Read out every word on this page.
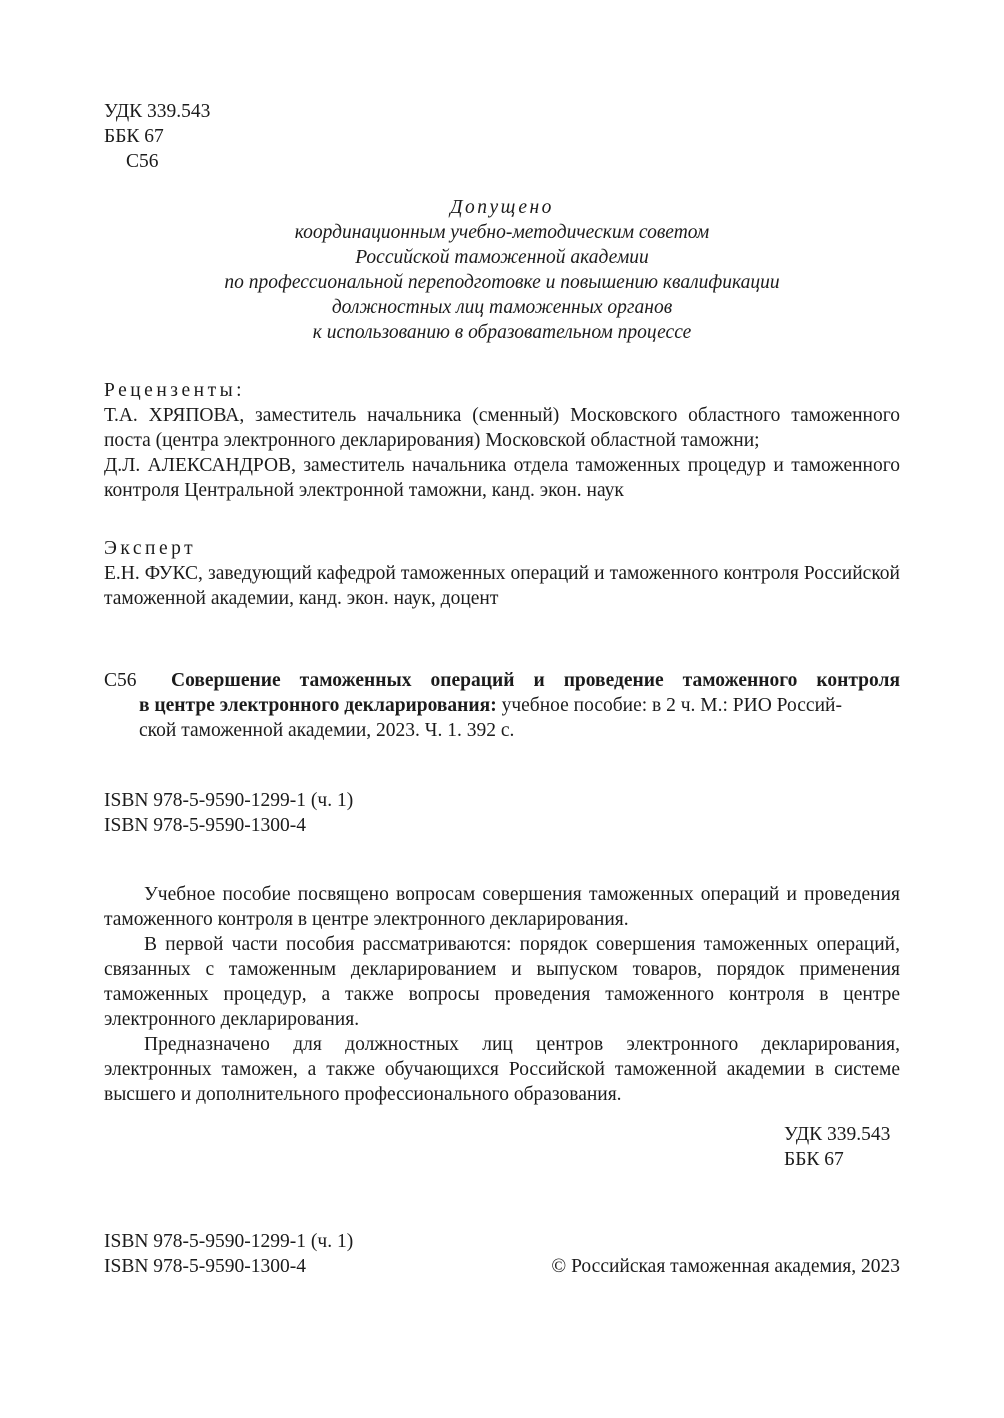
УДК 339.543
ББК 67
С56
Допущено
координационным учебно-методическим советом
Российской таможенной академии
по профессиональной переподготовке и повышению квалификации
должностных лиц таможенных органов
к использованию в образовательном процессе
Рецензенты:
Т.А. ХРЯПОВА, заместитель начальника (сменный) Московского областного таможенного поста (центра электронного декларирования) Московской областной таможни;
Д.Л. АЛЕКСАНДРОВ, заместитель начальника отдела таможенных процедур и таможенного контроля Центральной электронной таможни, канд. экон. наук
Эксперт
Е.Н. ФУКС, заведующий кафедрой таможенных операций и таможенного контроля Российской таможенной академии, канд. экон. наук, доцент
С56	Совершение таможенных операций и проведение таможенного контроля
в центре электронного декларирования: учебное пособие: в 2 ч. М.: РИО Россий-
ской таможенной академии, 2023. Ч. 1. 392 с.
ISBN 978-5-9590-1299-1 (ч. 1)
ISBN 978-5-9590-1300-4

Учебное пособие посвящено вопросам совершения таможенных операций и проведения таможенного контроля в центре электронного декларирования.

В первой части пособия рассматриваются: порядок совершения таможенных операций, связанных с таможенным декларированием и выпуском товаров, порядок применения таможенных процедур, а также вопросы проведения таможенного контроля в центре электронного декларирования.

Предназначено для должностных лиц центров электронного декларирования, электронных таможен, а также обучающихся Российской таможенной академии в системе высшего и дополнительного профессионального образования.

УДК 339.543
ББК 67
ISBN 978-5-9590-1299-1 (ч. 1)
ISBN 978-5-9590-1300-4	© Российская таможенная академия, 2023
